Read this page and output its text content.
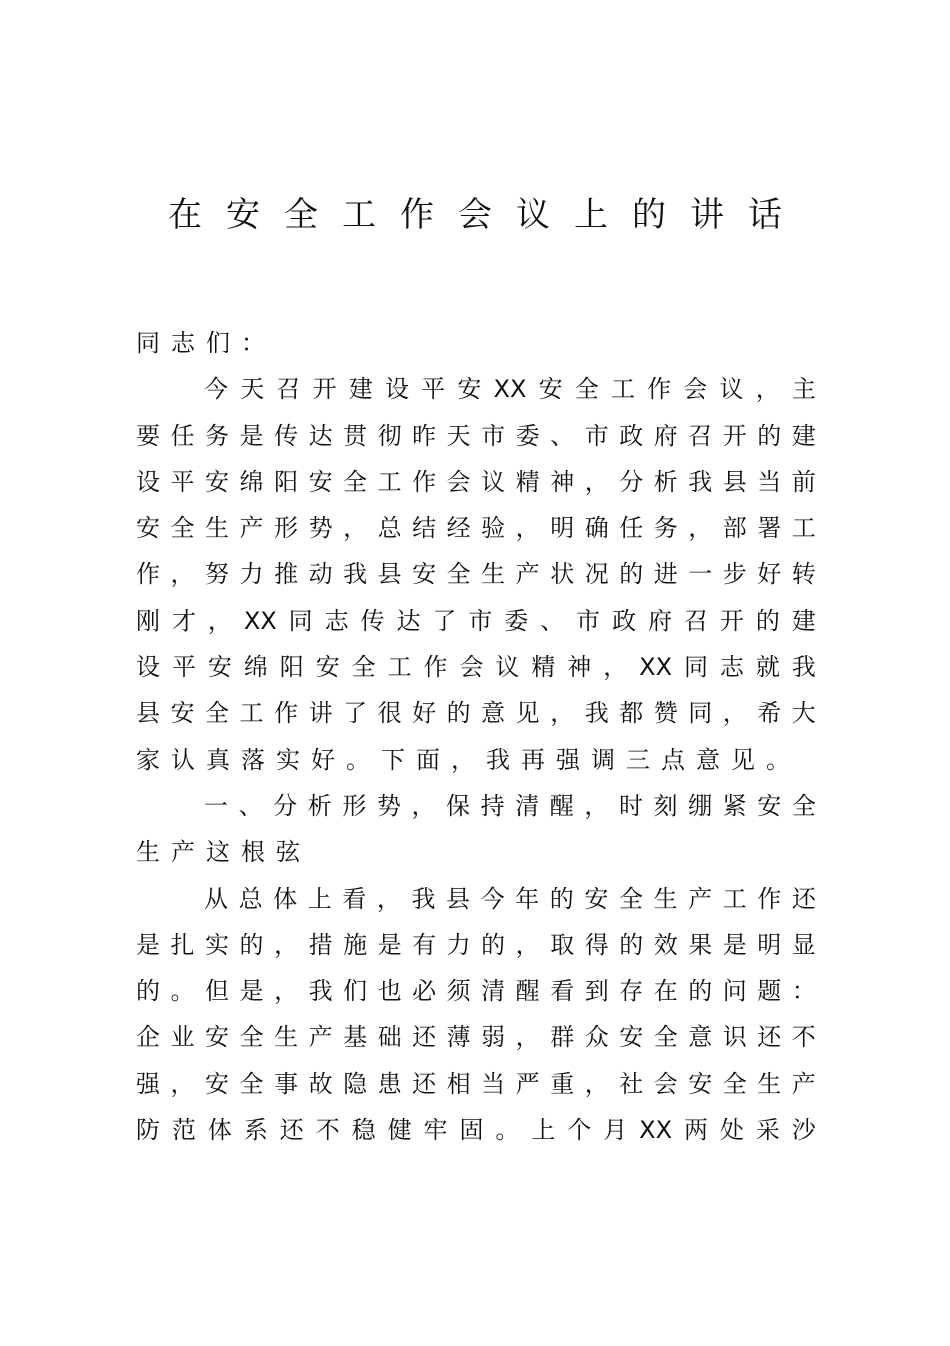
在安全工作会议上的讲话
同志们：
今 天 召 开 建 设 平 安 XX 安 全 工 作 会 议 ， 主
要 任 务 是 传 达 贯 彻 昨 天 市 委 、 市 政 府 召 开 的 建
设 平 安 绵 阳 安 全 工 作 会 议 精 神 ， 分 析 我 县 当 前
安 全 生 产 形 势 ， 总 结 经 验 ， 明 确 任 务 ， 部 署 工
作 ， 努 力 推 动 我 县 安 全 生 产 状 况 的 进 一 步 好 转
刚 才 ， XX 同 志 传 达 了 市 委 、 市 政 府 召 开 的 建
设 平 安 绵 阳 安 全 工 作 会 议 精 神 ， XX 同 志 就 我
县 安 全 工 作 讲 了 很 好 的 意 见 ， 我 都 赞 同 ， 希 大
家认真落实好。下面，我再强调三点意见。
一 、 分 析 形 势 ， 保 持 清 醒 ， 时 刻 绷 紧 安 全
生产这根弦
从 总 体 上 看 ， 我 县 今 年 的 安 全 生 产 工 作 还
是 扎 实 的 ， 措 施 是 有 力 的 ， 取 得 的 效 果 是 明 显
的 。 但 是 ， 我 们 也 必 须 清 醒 看 到 存 在 的 问 题 ：
企 业 安 全 生 产 基 础 还 薄 弱 ， 群 众 安 全 意 识 还 不
强 ， 安 全 事 故 隐 患 还 相 当 严 重 ， 社 会 安 全 生 产
防 范 体 系 还 不 稳 健 牢 固 。 上 个 月 XX 两 处 采 沙
